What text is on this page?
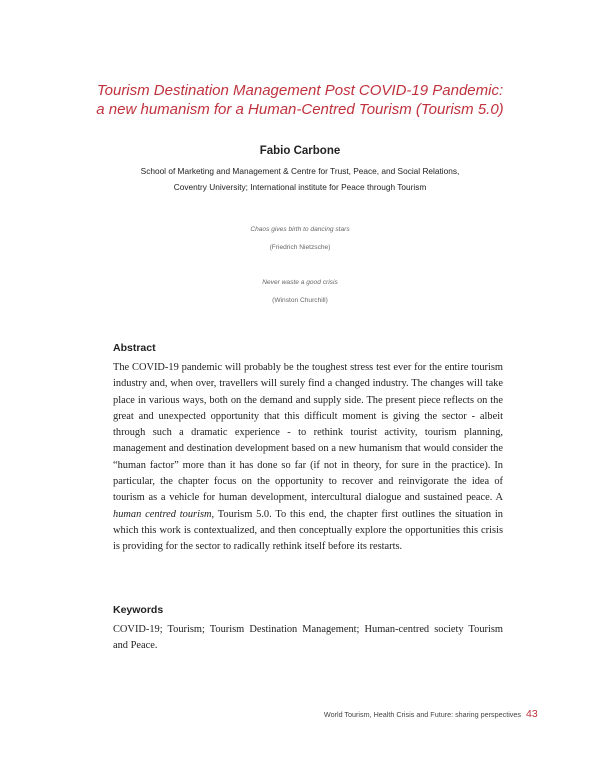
Tourism Destination Management Post COVID-19 Pandemic:
a new humanism for a Human-Centred Tourism (Tourism 5.0)
Fabio Carbone
School of Marketing and Management & Centre for Trust, Peace, and Social Relations,
Coventry University; International institute for Peace through Tourism
Chaos gives birth to dancing stars
(Friedrich Nietzsche)
Never waste a good crisis
(Winston Churchill)
Abstract
The COVID-19 pandemic will probably be the toughest stress test ever for the entire tourism industry and, when over, travellers will surely find a changed industry. The changes will take place in various ways, both on the demand and supply side. The present piece reflects on the great and unexpected opportunity that this difficult moment is giving the sector - albeit through such a dramatic experience - to rethink tourist activity, tourism planning, management and destination development based on a new humanism that would consider the “human factor” more than it has done so far (if not in theory, for sure in the practice). In particular, the chapter focus on the opportunity to recover and reinvigorate the idea of tourism as a vehicle for human development, intercultural dialogue and sustained peace. A human centred tourism, Tourism 5.0. To this end, the chapter first outlines the situation in which this work is contextualized, and then conceptually explore the opportunities this crisis is providing for the sector to radically rethink itself before its restarts.
Keywords
COVID-19; Tourism; Tourism Destination Management; Human-centred society Tourism and Peace.
World Tourism, Health Crisis and Future: sharing perspectives 43
